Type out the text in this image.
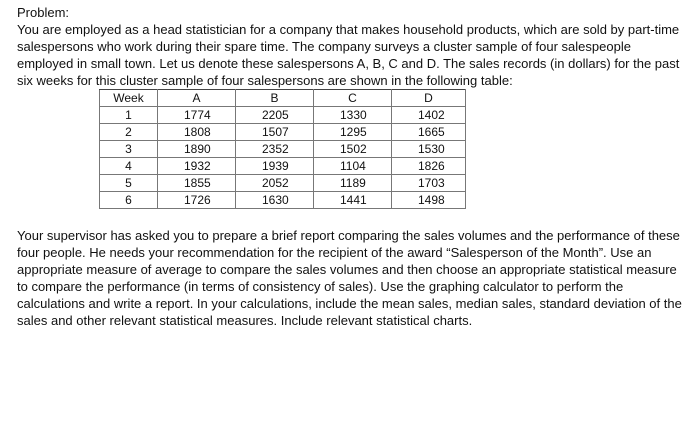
Problem:

You are employed as a head statistician for a company that makes household products, which are sold by part-time salespersons who work during their spare time. The company surveys a cluster sample of four salespeople employed in small town. Let us denote these salespersons A, B, C and D. The sales records (in dollars) for the past six weeks for this cluster sample of four salespersons are shown in the following table:

Week	A	B	C	D
1	1774	2205	1330	1402
2	1808	1507	1295	1665
3	1890	2352	1502	1530
4	1932	1939	1104	1826
5	1855	2052	1189	1703
6	1726	1630	1441	1498

Your supervisor has asked you to prepare a brief report comparing the sales volumes and the performance of these four people. He needs your recommendation for the recipient of the award “Salesperson of the Month”. Use an appropriate measure of average to compare the sales volumes and then choose an appropriate statistical measure to compare the performance (in terms of consistency of sales). Use the graphing calculator to perform the calculations and write a report. In your calculations, include the mean sales, median sales, standard deviation of the sales and other relevant statistical measures. Include relevant statistical charts.
